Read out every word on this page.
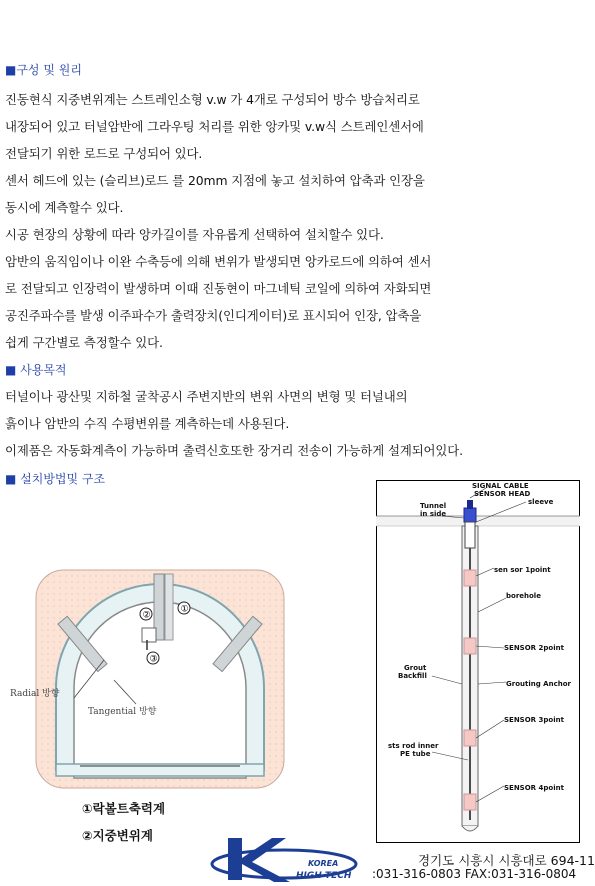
■구성 및 원리
진동현식 지중변위계는 스트레인소형 v.w 가 4개로 구성되어 방수 방습처리로
내장되어 있고 터널암반에 그라우팅 처리를 위한 앙카및 v.w식 스트레인센서에
전달되기 위한 로드로 구성되어 있다.
센서 헤드에 있는 (슬리브)로드 를 20mm 지점에 놓고 설치하여 압축과 인장을
동시에 계측할수 있다.
시공 현장의 상황에 따라 앙카길이를 자유롭게 선택하여 설치할수 있다.
암반의 움직임이나 이완 수축등에 의해 변위가 발생되면 앙카로드에 의하여 센서
로 전달되고 인장력이 발생하며 이때 진동현이 마그네틱 코일에 의하여 자화되면
공진주파수를 발생 이주파수가 출력장치(인디게이터)로 표시되어 인장, 압축을
쉽게 구간별로 측정할수 있다.
■ 사용목적
터널이나 광산및 지하철 굴착공시 주변지반의 변위 사면의 변형 및 터널내의
흙이나 암반의 수직 수평변위를 계측하는데 사용된다.
이제품은 자동화계측이 가능하며 출력신호또한 장거리 전송이 가능하게 설계되어있다.
■ 설치방법및 구조
①
②
③
Radial 방향
Tangential 방향
SIGNAL CABLE
SENSOR HEAD
Tunnel
in side
sleeve
sen sor 1point
borehole
SENSOR 2point
Grout
Backfill
Grouting Anchor
SENSOR 3point
sts rod inner
PE tube
SENSOR 4point
①락볼트축력계
②지중변위계
KOREA
HIGH TECH
경기도 시흥시 시흥대로 694-11
:031-316-0803 FAX:031-316-0804
